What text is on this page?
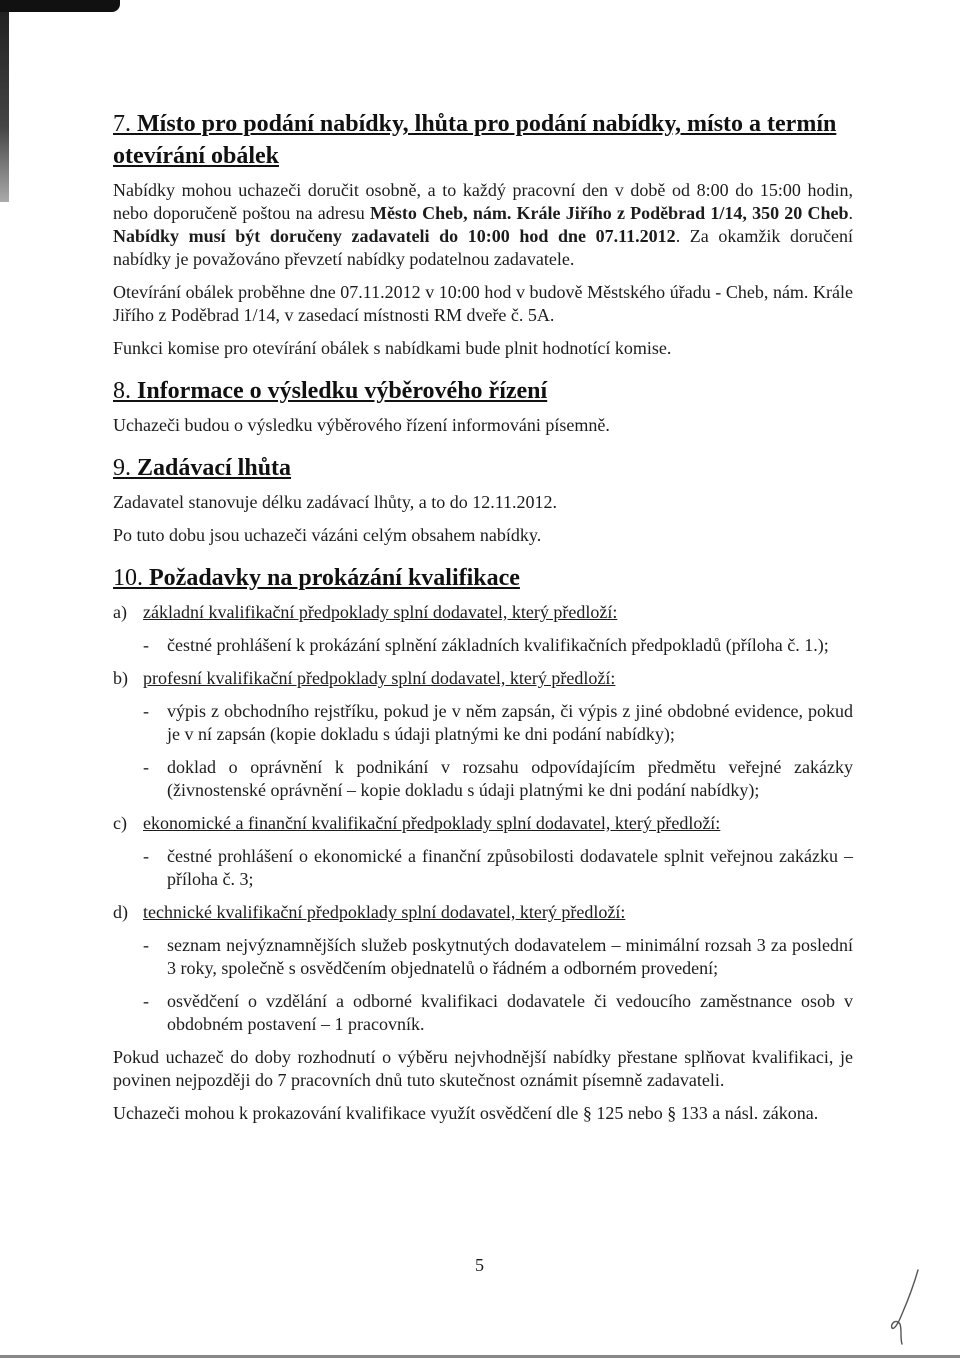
7. Místo pro podání nabídky, lhůta pro podání nabídky, místo a termín
otevírání obálek

Nabídky mohou uchazeči doručit osobně, a to každý pracovní den v době od 8:00 do 15:00 hodin, nebo doporučeně poštou na adresu Město Cheb, nám. Krále Jiřího z Poděbrad 1/14, 350 20 Cheb. Nabídky musí být doručeny zadavateli do 10:00 hod dne 07.11.2012. Za okamžik doručení nabídky je považováno převzetí nabídky podatelnou zadavatele.

Otevírání obálek proběhne dne 07.11.2012 v 10:00 hod v budově Městského úřadu - Cheb, nám. Krále Jiřího z Poděbrad 1/14, v zasedací místnosti RM dveře č. 5A.

Funkci komise pro otevírání obálek s nabídkami bude plnit hodnotící komise.

8. Informace o výsledku výběrového řízení

Uchazeči budou o výsledku výběrového řízení informováni písemně.

9. Zadávací lhůta

Zadavatel stanovuje délku zadávací lhůty, a to do 12.11.2012.

Po tuto dobu jsou uchazeči vázáni celým obsahem nabídky.

10. Požadavky na prokázání kvalifikace
a) základní kvalifikační předpoklady splní dodavatel, který předloží:
-	čestné prohlášení k prokázání splnění základních kvalifikačních předpokladů (příloha č. 1.);
b) profesní kvalifikační předpoklady splní dodavatel, který předloží:
-	výpis z obchodního rejstříku, pokud je v něm zapsán, či výpis z jiné obdobné evidence, pokud je v ní zapsán (kopie dokladu s údaji platnými ke dni podání nabídky);
-	doklad o oprávnění k podnikání v rozsahu odpovídajícím předmětu veřejné zakázky (živnostenské oprávnění – kopie dokladu s údaji platnými ke dni podání nabídky);
c) ekonomické a finanční kvalifikační předpoklady splní dodavatel, který předloží:
-	čestné prohlášení o ekonomické a finanční způsobilosti dodavatele splnit veřejnou zakázku – příloha č. 3;
d) technické kvalifikační předpoklady splní dodavatel, který předloží:
-	seznam nejvýznamnějších služeb poskytnutých dodavatelem – minimální rozsah 3 za poslední 3 roky, společně s osvědčením objednatelů o řádném a odborném provedení;
-	osvědčení o vzdělání a odborné kvalifikaci dodavatele či vedoucího zaměstnance osob v obdobném postavení – 1 pracovník.

Pokud uchazeč do doby rozhodnutí o výběru nejvhodnější nabídky přestane splňovat kvalifikaci, je povinen nejpozději do 7 pracovních dnů tuto skutečnost oznámit písemně zadavateli.

Uchazeči mohou k prokazování kvalifikace využít osvědčení dle § 125 nebo § 133 a násl. zákona.

5
